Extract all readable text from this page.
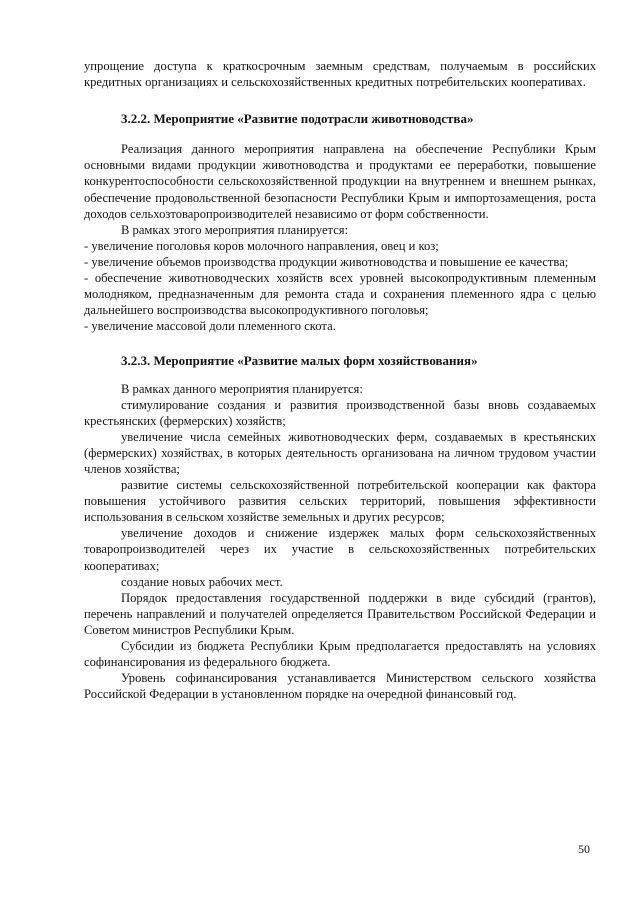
упрощение доступа к краткосрочным заемным средствам, получаемым в российских кредитных организациях и сельскохозяйственных кредитных потребительских кооперативах.

3.2.2. Мероприятие «Развитие подотрасли животноводства»

Реализация данного мероприятия направлена на обеспечение Республики Крым основными видами продукции животноводства и продуктами ее переработки, повышение конкурентоспособности сельскохозяйственной продукции на внутреннем и внешнем рынках, обеспечение продовольственной безопасности Республики Крым и импортозамещения, роста доходов сельхозтоваропроизводителей независимо от форм собственности.

В рамках этого мероприятия планируется:

- увеличение поголовья коров молочного направления, овец и коз;

- увеличение объемов производства продукции животноводства и повышение ее качества;

- обеспечение животноводческих хозяйств всех уровней высокопродуктивным племенным молодняком, предназначенным для ремонта стада и сохранения племенного ядра с целью дальнейшего воспроизводства высокопродуктивного поголовья;

- увеличение массовой доли племенного скота.

3.2.3. Мероприятие «Развитие малых форм хозяйствования»

В рамках данного мероприятия планируется:

стимулирование создания и развития производственной базы вновь создаваемых крестьянских (фермерских) хозяйств;

увеличение числа семейных животноводческих ферм, создаваемых в крестьянских (фермерских) хозяйствах, в которых деятельность организована на личном трудовом участии членов хозяйства;

развитие системы сельскохозяйственной потребительской кооперации как фактора повышения устойчивого развития сельских территорий, повышения эффективности использования в сельском хозяйстве земельных и других ресурсов;

увеличение доходов и снижение издержек малых форм сельскохозяйственных товаропроизводителей через их участие в сельскохозяйственных потребительских кооперативах;

создание новых рабочих мест.

Порядок предоставления государственной поддержки в виде субсидий (грантов), перечень направлений и получателей определяется Правительством Российской Федерации и Советом министров Республики Крым.

Субсидии из бюджета Республики Крым предполагается предоставлять на условиях софинансирования из федерального бюджета.

Уровень софинансирования устанавливается Министерством сельского хозяйства Российской Федерации в установленном порядке на очередной финансовый год.

50
